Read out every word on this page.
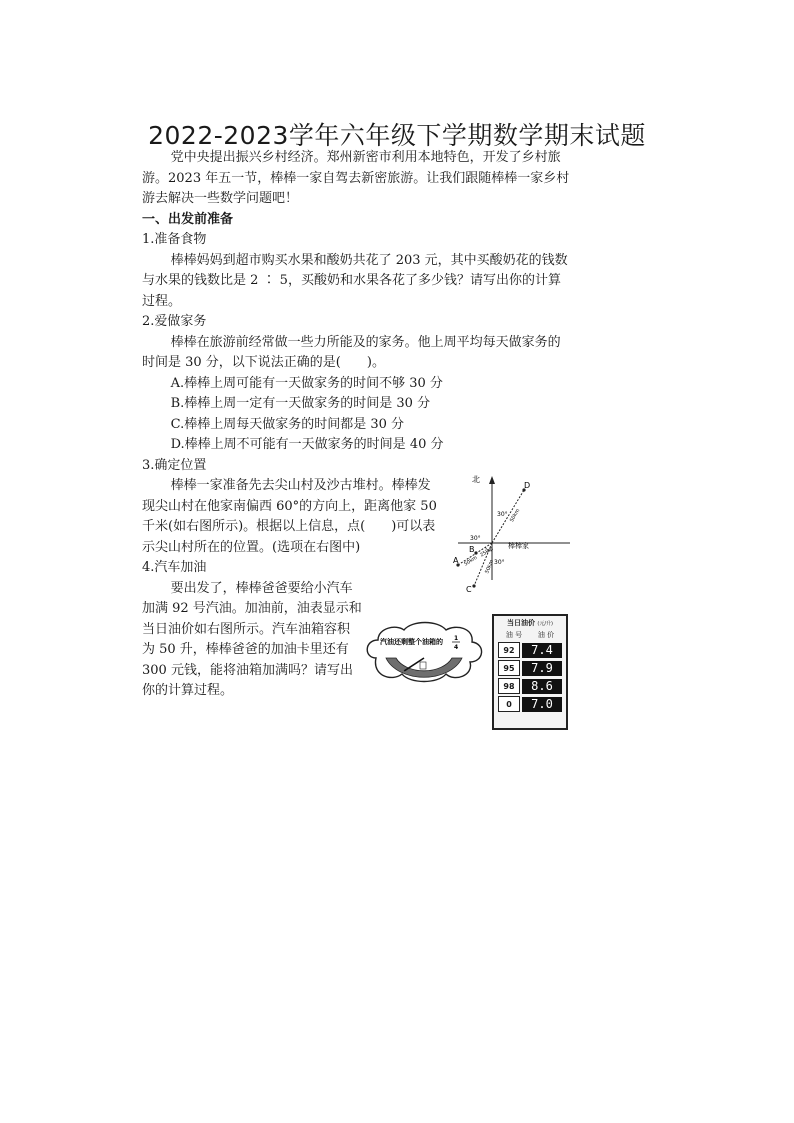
2022-2023学年六年级下学期数学期末试题

党中央提出振兴乡村经济。郑州新密市利用本地特色，开发了乡村旅游。2023 年五一节，棒棒一家自驾去新密旅游。让我们跟随棒棒一家乡村游去解决一些数学问题吧！

一、出发前准备

1.准备食物

棒棒妈妈到超市购买水果和酸奶共花了 203 元，其中买酸奶花的钱数与水果的钱数比是 2 ∶ 5，买酸奶和水果各花了多少钱？请写出你的计算过程。

2.爱做家务

棒棒在旅游前经常做一些力所能及的家务。他上周平均每天做家务的时间是 30 分，以下说法正确的是( )。

A.棒棒上周可能有一天做家务的时间不够 30 分

B.棒棒上周一定有一天做家务的时间是 30 分

C.棒棒上周每天做家务的时间都是 30 分

D.棒棒上周不可能有一天做家务的时间是 40 分

3.确定位置

棒棒一家准备先去尖山村及沙古堆村。棒棒发现尖山村在他家南偏西 60°的方向上，距离他家 50 千米(如右图所示)。根据以上信息，点( )可以表示尖山村所在的位置。(选项在右图中)

4.汽车加油

要出发了，棒棒爸爸要给小汽车加满 92 号汽油。加油前，油表显示和当日油价如右图所示。汽车油箱容积为 50 升，棒棒爸爸的加油卡里还有 300 元钱，能将油箱加满吗？请写出你的计算过程。

北
棒棒家
D
50km
30°
A 50km
30°
B 25km
C
50km
30°
汽油还剩整个油箱的 1
4
当日油价 (元/升)
油 号 油 价
92	7.4
95	7.9
98	8.6
0	7.0
